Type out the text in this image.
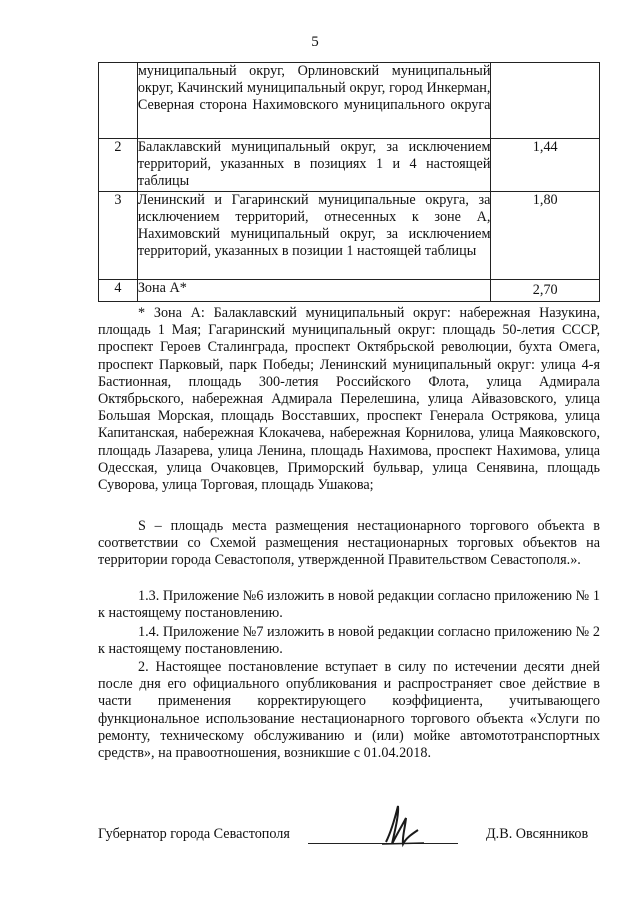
5
	муниципальный округ, Орлиновский муниципальный округ, Качинский муниципальный округ, город Инкерман, Северная сторона Нахимовского муниципального округа	
2	Балаклавский муниципальный округ, за исключением территорий, указанных в позициях 1 и 4 настоящей таблицы	1,44
3	Ленинский и Гагаринский муниципальные округа, за исключением территорий, отнесенных к зоне А, Нахимовский муниципальный округ, за исключением территорий, указанных в позиции 1 настоящей таблицы	1,80
4	Зона А*	2,70

* Зона А: Балаклавский муниципальный округ: набережная Назукина, площадь 1 Мая; Гагаринский муниципальный округ: площадь 50-летия СССР, проспект Героев Сталинграда, проспект Октябрьской революции, бухта Омега, проспект Парковый, парк Победы; Ленинский муниципальный округ: улица 4-я Бастионная, площадь 300-летия Российского Флота, улица Адмирала Октябрьского, набережная Адмирала Перелешина, улица Айвазовского, улица Большая Морская, площадь Восставших, проспект Генерала Острякова, улица Капитанская, набережная Клокачева, набережная Корнилова, улица Маяковского, площадь Лазарева, улица Ленина, площадь Нахимова, проспект Нахимова, улица Одесская, улица Очаковцев, Приморский бульвар, улица Сенявина, площадь Суворова, улица Торговая, площадь Ушакова;

S – площадь места размещения нестационарного торгового объекта в соответствии со Схемой размещения нестационарных торговых объектов на территории города Севастополя, утвержденной Правительством Севастополя.».

1.3. Приложение №6 изложить в новой редакции согласно приложению № 1 к настоящему постановлению.

1.4. Приложение №7 изложить в новой редакции согласно приложению № 2 к настоящему постановлению.

2. Настоящее постановление вступает в силу по истечении десяти дней после дня его официального опубликования и распространяет свое действие в части применения корректирующего коэффициента, учитывающего функциональное использование нестационарного торгового объекта «Услуги по ремонту, техническому обслуживанию и (или) мойке автомототранспортных средств», на правоотношения, возникшие с 01.04.2018.

Губернатор города Севастополя	Д.В. Овсянников
